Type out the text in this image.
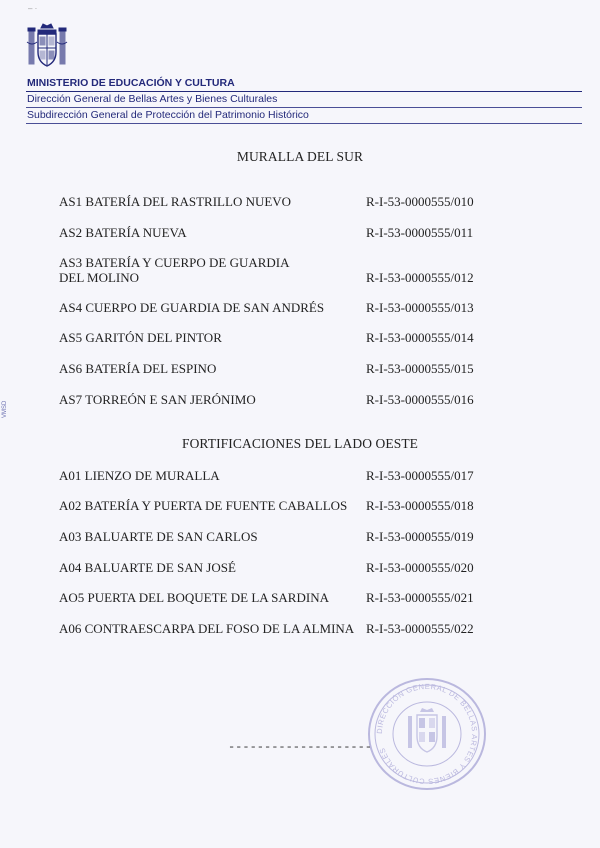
– ·
MINISTERIO DE EDUCACIÓN Y CULTURA
Dirección General de Bellas Artes y Bienes Culturales
Subdirección General de Protección del Patrimonio Histórico
VMSD
MURALLA DEL SUR
AS1 BATERÍA DEL RASTRILLO NUEVO	R-I-53-0000555/010
AS2 BATERÍA NUEVA	R-I-53-0000555/011
AS3 BATERÍA Y CUERPO DE GUARDIA
DEL MOLINO	R-I-53-0000555/012
AS4 CUERPO DE GUARDIA DE SAN ANDRÉS	R-I-53-0000555/013
AS5 GARITÓN DEL PINTOR	R-I-53-0000555/014
AS6 BATERÍA DEL ESPINO	R-I-53-0000555/015
AS7 TORREÓN E SAN JERÓNIMO	R-I-53-0000555/016
FORTIFICACIONES DEL LADO OESTE
A01 LIENZO DE MURALLA	R-I-53-0000555/017
A02 BATERÍA Y PUERTA DE FUENTE CABALLOS	R-I-53-0000555/018
A03 BALUARTE DE SAN CARLOS	R-I-53-0000555/019
A04 BALUARTE DE SAN JOSÉ	R-I-53-0000555/020
AO5 PUERTA DEL BOQUETE DE LA SARDINA	R-I-53-0000555/021
A06 CONTRAESCARPA DEL FOSO DE LA ALMINA R-I-53-0000555/022
DIRECCIÓN GENERAL DE BELLAS ARTES Y BIENES CULTURALES
--------------------
